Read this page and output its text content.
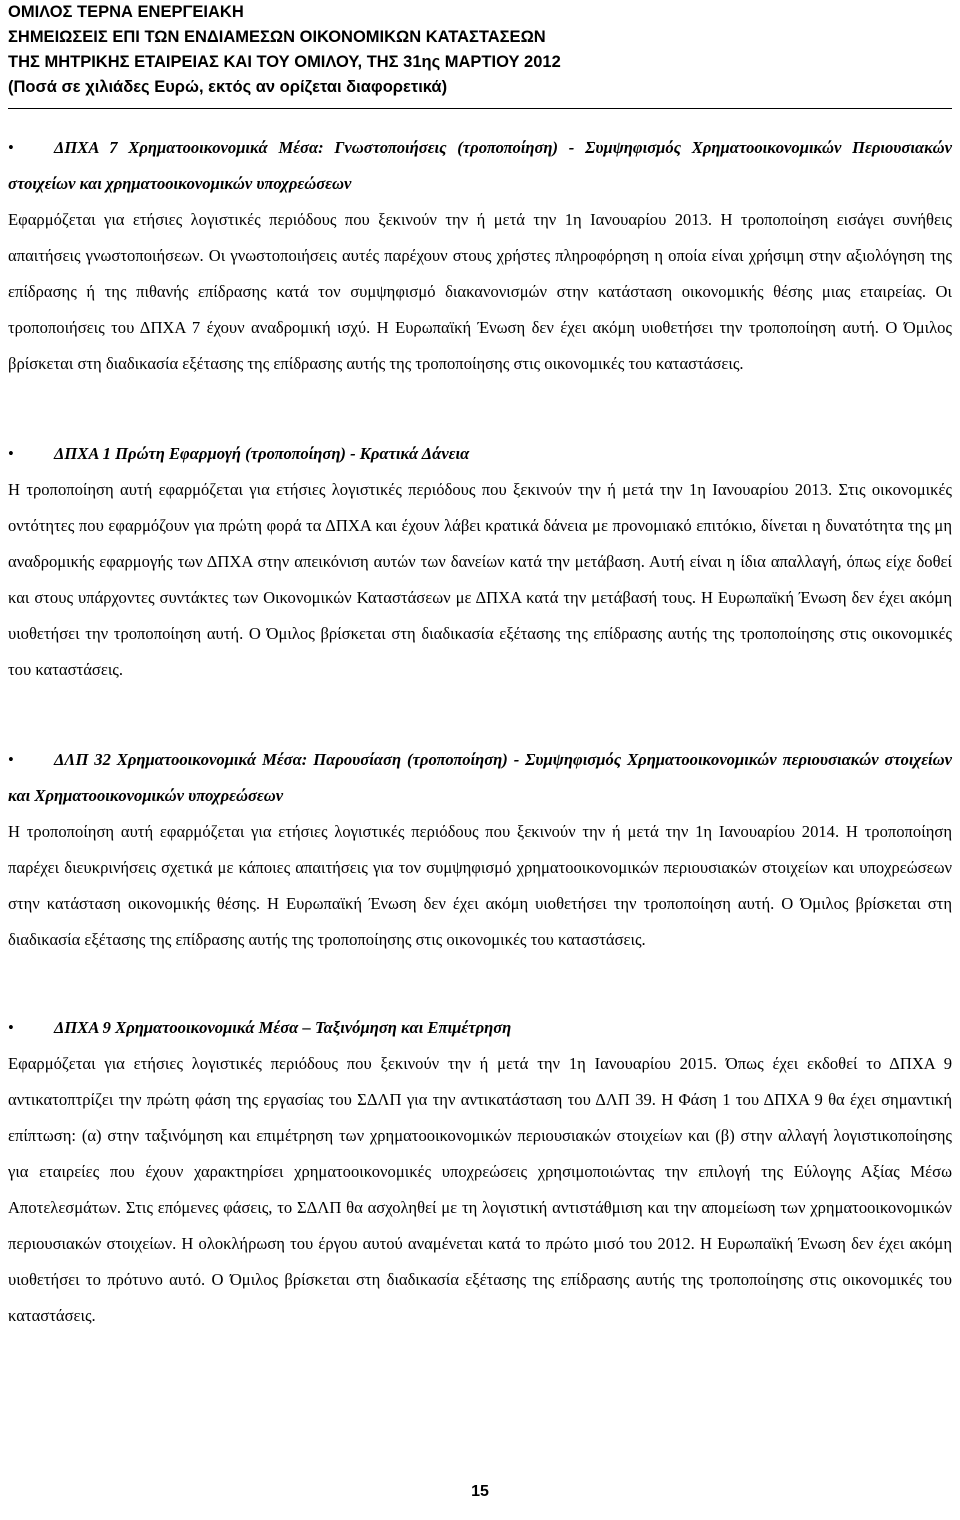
ΟΜΙΛΟΣ ΤΕΡΝΑ ΕΝΕΡΓΕΙΑΚΗ
ΣΗΜΕΙΩΣΕΙΣ ΕΠΙ ΤΩΝ ΕΝΔΙΑΜΕΣΩΝ ΟΙΚΟΝΟΜΙΚΩΝ ΚΑΤΑΣΤΑΣΕΩΝ
ΤΗΣ ΜΗΤΡΙΚΗΣ ΕΤΑΙΡΕΙΑΣ ΚΑΙ ΤΟΥ ΟΜΙΛΟΥ, ΤΗΣ 31ης ΜΑΡΤΙΟΥ 2012
(Ποσά σε χιλιάδες Ευρώ, εκτός αν ορίζεται διαφορετικά)
•	ΔΠΧΑ 7 Χρηματοοικονομικά Μέσα: Γνωστοποιήσεις (τροποποίηση) - Συμψηφισμός Χρηματοοικονομικών Περιουσιακών στοιχείων και χρηματοοικονομικών υποχρεώσεων

Εφαρμόζεται για ετήσιες λογιστικές περιόδους που ξεκινούν την ή μετά την 1η Ιανουαρίου 2013. Η τροποποίηση εισάγει συνήθεις απαιτήσεις γνωστοποιήσεων. Οι γνωστοποιήσεις αυτές παρέχουν στους χρήστες πληροφόρηση η οποία είναι χρήσιμη στην αξιολόγηση της επίδρασης ή της πιθανής επίδρασης κατά τον συμψηφισμό διακανονισμών στην κατάσταση οικονομικής θέσης μιας εταιρείας. Οι τροποποιήσεις του ΔΠΧΑ 7 έχουν αναδρομική ισχύ. Η Ευρωπαϊκή Ένωση δεν έχει ακόμη υιοθετήσει την τροποποίηση αυτή. Ο Όμιλος βρίσκεται στη διαδικασία εξέτασης της επίδρασης αυτής της τροποποίησης στις οικονομικές του καταστάσεις.

•	ΔΠΧΑ 1 Πρώτη Εφαρμογή (τροποποίηση) - Κρατικά Δάνεια

Η τροποποίηση αυτή εφαρμόζεται για ετήσιες λογιστικές περιόδους που ξεκινούν την ή μετά την 1η Ιανουαρίου 2013. Στις οικονομικές οντότητες που εφαρμόζουν για πρώτη φορά τα ΔΠΧΑ και έχουν λάβει κρατικά δάνεια με προνομιακό επιτόκιο, δίνεται η δυνατότητα της μη αναδρομικής εφαρμογής των ΔΠΧΑ στην απεικόνιση αυτών των δανείων κατά την μετάβαση. Αυτή είναι η ίδια απαλλαγή, όπως είχε δοθεί και στους υπάρχοντες συντάκτες των Οικονομικών Καταστάσεων με ΔΠΧΑ κατά την μετάβασή τους. Η Ευρωπαϊκή Ένωση δεν έχει ακόμη υιοθετήσει την τροποποίηση αυτή. Ο Όμιλος βρίσκεται στη διαδικασία εξέτασης της επίδρασης αυτής της τροποποίησης στις οικονομικές του καταστάσεις.

•	ΔΛΠ 32 Χρηματοοικονομικά Μέσα: Παρουσίαση (τροποποίηση) - Συμψηφισμός Χρηματοοικονομικών περιουσιακών στοιχείων και Χρηματοοικονομικών υποχρεώσεων

Η τροποποίηση αυτή εφαρμόζεται για ετήσιες λογιστικές περιόδους που ξεκινούν την ή μετά την 1η Ιανουαρίου 2014. Η τροποποίηση παρέχει διευκρινήσεις σχετικά με κάποιες απαιτήσεις για τον συμψηφισμό χρηματοοικονομικών περιουσιακών στοιχείων και υποχρεώσεων στην κατάσταση οικονομικής θέσης. Η Ευρωπαϊκή Ένωση δεν έχει ακόμη υιοθετήσει την τροποποίηση αυτή. Ο Όμιλος βρίσκεται στη διαδικασία εξέτασης της επίδρασης αυτής της τροποποίησης στις οικονομικές του καταστάσεις.

•	ΔΠΧΑ 9 Χρηματοοικονομικά Μέσα – Ταξινόμηση και Επιμέτρηση

Εφαρμόζεται για ετήσιες λογιστικές περιόδους που ξεκινούν την ή μετά την 1η Ιανουαρίου 2015. Όπως έχει εκδοθεί το ΔΠΧΑ 9 αντικατοπτρίζει την πρώτη φάση της εργασίας του ΣΔΛΠ για την αντικατάσταση του ΔΛΠ 39. Η Φάση 1 του ΔΠΧΑ 9 θα έχει σημαντική επίπτωση: (α) στην ταξινόμηση και επιμέτρηση των χρηματοοικονομικών περιουσιακών στοιχείων και (β) στην αλλαγή λογιστικοποίησης για εταιρείες που έχουν χαρακτηρίσει χρηματοοικονομικές υποχρεώσεις χρησιμοποιώντας την επιλογή της Εύλογης Αξίας Μέσω Αποτελεσμάτων. Στις επόμενες φάσεις, το ΣΔΛΠ θα ασχοληθεί με τη λογιστική αντιστάθμιση και την απομείωση των χρηματοοικονομικών περιουσιακών στοιχείων. Η ολοκλήρωση του έργου αυτού αναμένεται κατά το πρώτο μισό του 2012. Η Ευρωπαϊκή Ένωση δεν έχει ακόμη υιοθετήσει το πρότυνο αυτό. Ο Όμιλος βρίσκεται στη διαδικασία εξέτασης της επίδρασης αυτής της τροποποίησης στις οικονομικές του καταστάσεις.

15
